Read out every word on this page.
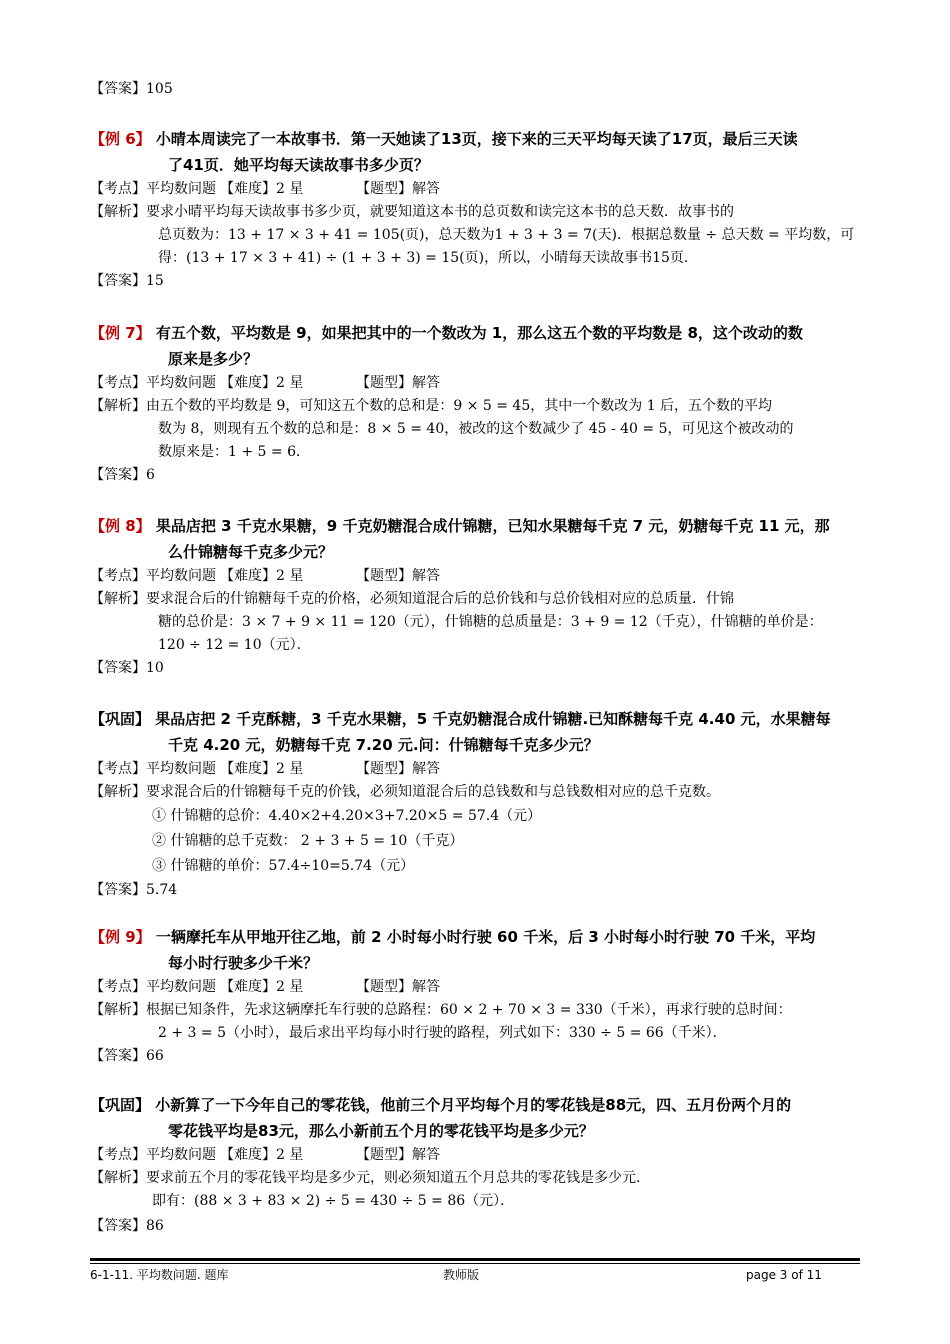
【答案】105
【例 6】 小晴本周读完了一本故事书．第一天她读了13页，接下来的三天平均每天读了17页，最后三天读
了41页．她平均每天读故事书多少页？
【考点】平均数问题 【难度】2 星	【题型】解答
【解析】要求小晴平均每天读故事书多少页，就要知道这本书的总页数和读完这本书的总天数．故事书的
总页数为：13 + 17 × 3 + 41 = 105(页)，总天数为1 + 3 + 3 = 7(天)．根据总数量 ÷ 总天数 = 平均数，可
得：(13 + 17 × 3 + 41) ÷ (1 + 3 + 3) = 15(页)，所以，小晴每天读故事书15页．
【答案】15
【例 7】 有五个数，平均数是 9，如果把其中的一个数改为 1，那么这五个数的平均数是 8，这个改动的数
原来是多少？
【考点】平均数问题 【难度】2 星	【题型】解答
【解析】由五个数的平均数是 9，可知这五个数的总和是：9 × 5 = 45，其中一个数改为 1 后，五个数的平均
数为 8，则现有五个数的总和是：8 × 5 = 40，被改的这个数减少了 45 - 40 = 5，可见这个被改动的
数原来是：1 + 5 = 6．
【答案】6
【例 8】 果品店把 3 千克水果糖，9 千克奶糖混合成什锦糖，已知水果糖每千克 7 元，奶糖每千克 11 元，那
么什锦糖每千克多少元？
【考点】平均数问题 【难度】2 星	【题型】解答
【解析】要求混合后的什锦糖每千克的价格，必须知道混合后的总价钱和与总价钱相对应的总质量．什锦
糖的总价是：3 × 7 + 9 × 11 = 120（元），什锦糖的总质量是：3 + 9 = 12（千克），什锦糖的单价是：
120 ÷ 12 = 10（元）．
【答案】10
【巩固】 果品店把 2 千克酥糖，3 千克水果糖，5 千克奶糖混合成什锦糖.已知酥糖每千克 4.40 元，水果糖每
千克 4.20 元，奶糖每千克 7.20 元.问：什锦糖每千克多少元？
【考点】平均数问题 【难度】2 星	【题型】解答
【解析】要求混合后的什锦糖每千克的价钱，必须知道混合后的总钱数和与总钱数相对应的总千克数。
① 什锦糖的总价：4.40×2+4.20×3+7.20×5 = 57.4（元）
② 什锦糖的总千克数： 2 + 3 + 5 = 10（千克）
③ 什锦糖的单价：57.4÷10=5.74（元）
【答案】5.74
【例 9】 一辆摩托车从甲地开往乙地，前 2 小时每小时行驶 60 千米，后 3 小时每小时行驶 70 千米，平均
每小时行驶多少千米？
【考点】平均数问题 【难度】2 星	【题型】解答
【解析】根据已知条件，先求这辆摩托车行驶的总路程：60 × 2 + 70 × 3 = 330（千米），再求行驶的总时间：
2 + 3 = 5（小时），最后求出平均每小时行驶的路程，列式如下：330 ÷ 5 = 66（千米）．
【答案】66
【巩固】 小新算了一下今年自己的零花钱，他前三个月平均每个月的零花钱是88元，四、五月份两个月的
零花钱平均是83元，那么小新前五个月的零花钱平均是多少元？
【考点】平均数问题 【难度】2 星	【题型】解答
【解析】要求前五个月的零花钱平均是多少元，则必须知道五个月总共的零花钱是多少元.
即有：(88 × 3 + 83 × 2) ÷ 5 = 430 ÷ 5 = 86（元）．
【答案】86
6-1-11. 平均数问题. 题库	教师版	page 3 of 11
